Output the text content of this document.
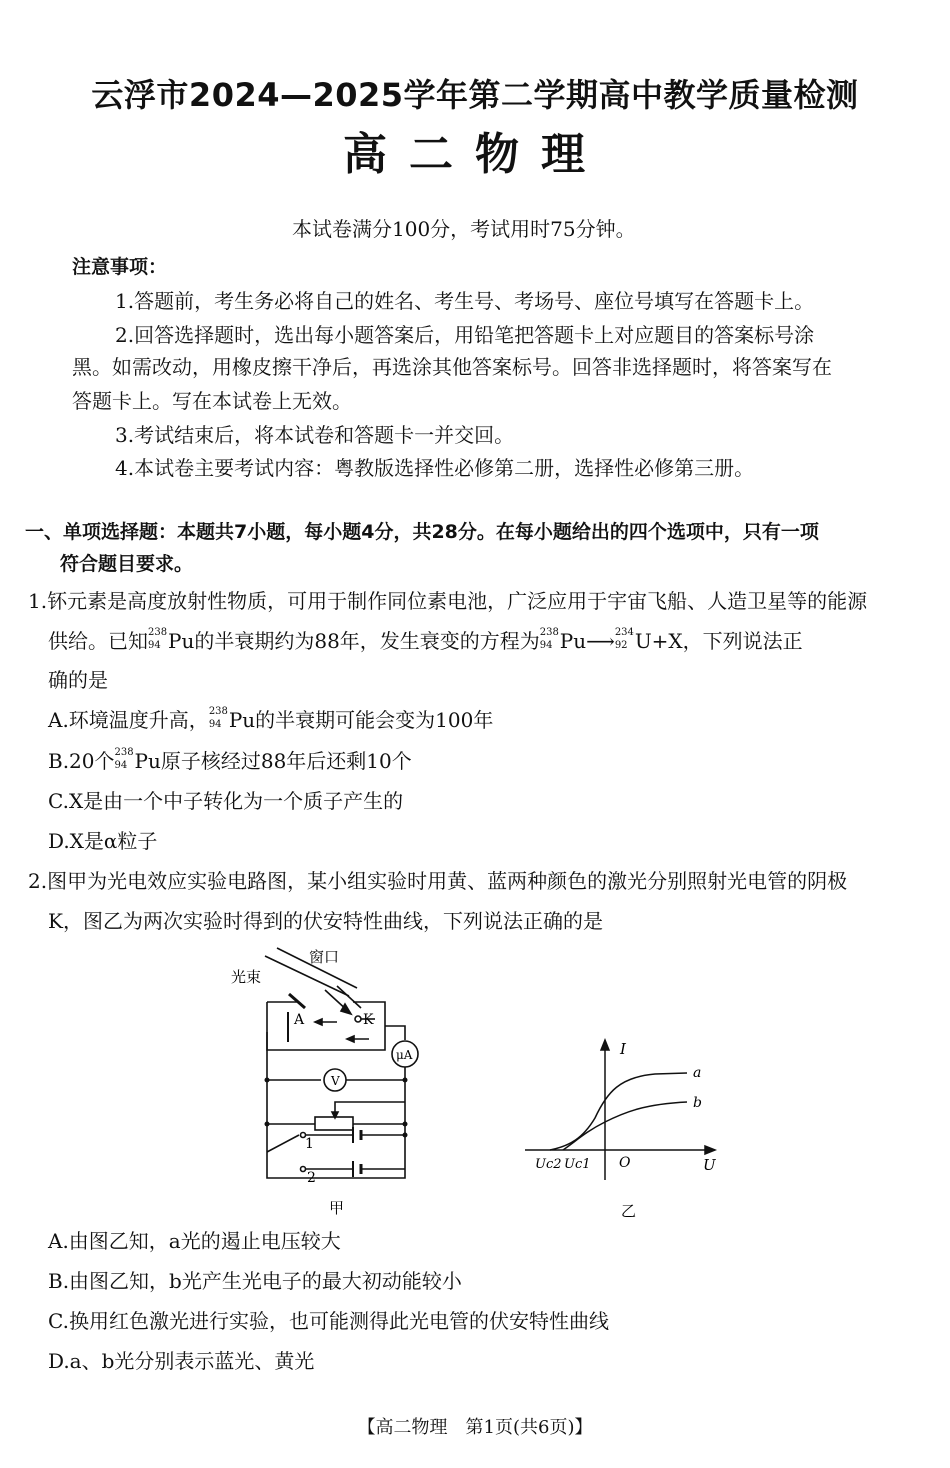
云浮市2024—2025学年第二学期高中教学质量检测
高二物理
本试卷满分100分，考试用时75分钟。
注意事项：
1.答题前，考生务必将自己的姓名、考生号、考场号、座位号填写在答题卡上。
2.回答选择题时，选出每小题答案后，用铅笔把答题卡上对应题目的答案标号涂
黑。如需改动，用橡皮擦干净后，再选涂其他答案标号。回答非选择题时，将答案写在
答题卡上。写在本试卷上无效。
3.考试结束后，将本试卷和答题卡一并交回。
4.本试卷主要考试内容：粤教版选择性必修第二册，选择性必修第三册。
一、单项选择题：本题共7小题，每小题4分，共28分。在每小题给出的四个选项中，只有一项
符合题目要求。
1.钚元素是高度放射性物质，可用于制作同位素电池，广泛应用于宇宙飞船、人造卫星等的能源
供给。已知 238
94 Pu的半衰期约为88年，发生衰变的方程为 238
94 Pu⟶ 234
92 U+X，下列说法正
确的是
A.环境温度升高， 238
94 Pu的半衰期可能会变为100年
B.20个 238
94 Pu原子核经过88年后还剩10个
C.X是由一个中子转化为一个质子产生的
D.X是α粒子
2.图甲为光电效应实验电路图，某小组实验时用黄、蓝两种颜色的激光分别照射光电管的阴极
K，图乙为两次实验时得到的伏安特性曲线，下列说法正确的是
窗口
光束
A	K
μA
V
1
2
甲
I
U
O
Uc2 Uc1
a
b
乙
A.由图乙知，a光的遏止电压较大
B.由图乙知，b光产生光电子的最大初动能较小
C.换用红色激光进行实验，也可能测得此光电管的伏安特性曲线
D.a、b光分别表示蓝光、黄光
【高二物理　第1页(共6页)】
